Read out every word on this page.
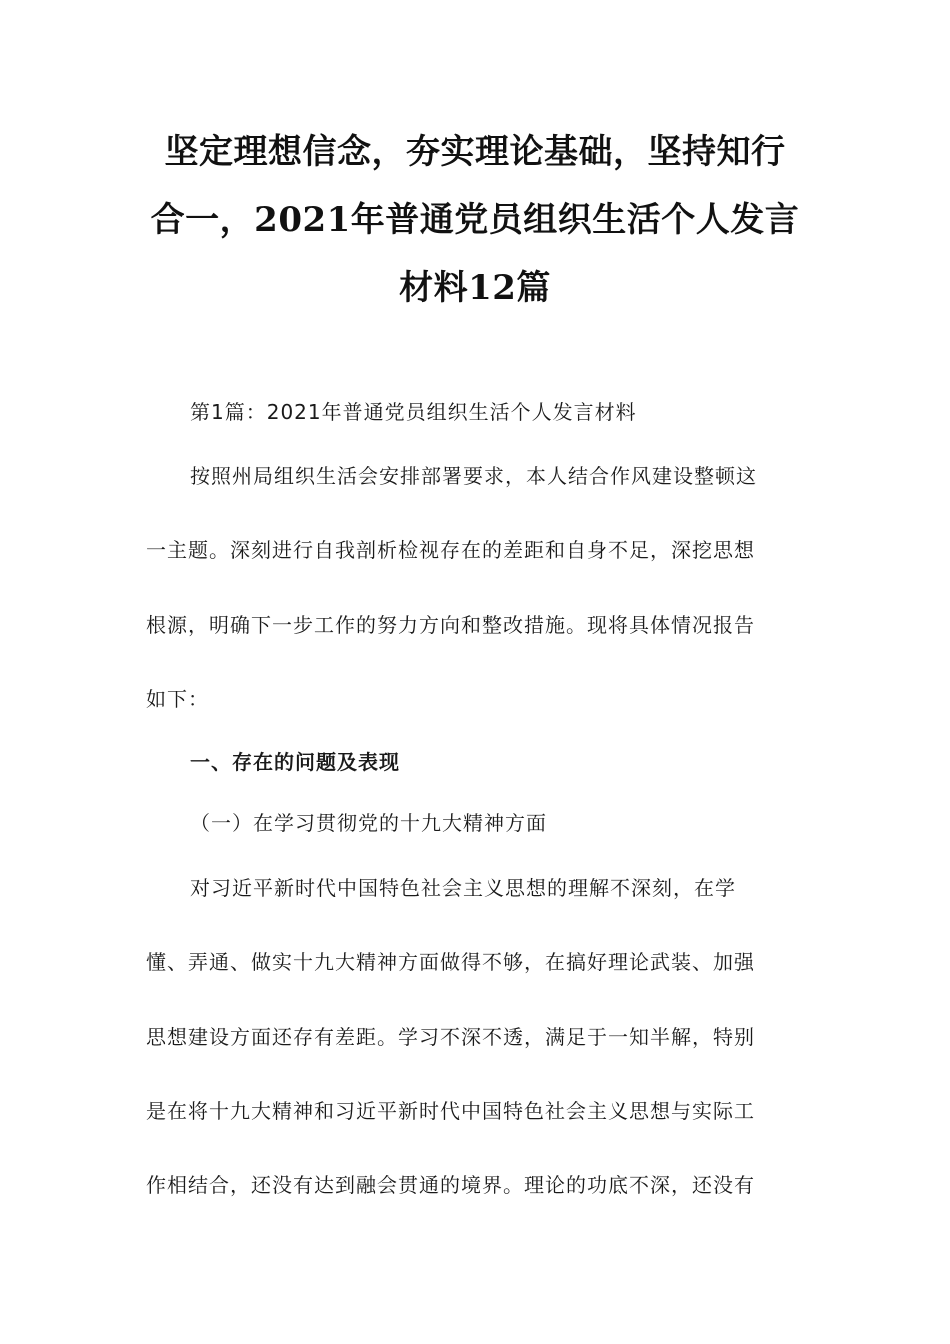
坚定理想信念，夯实理论基础，坚持知行
合一，2021年普通党员组织生活个人发言
材料12篇
第1篇：2021年普通党员组织生活个人发言材料
按照州局组织生活会安排部署要求，本人结合作风建设整顿这
一主题。深刻进行自我剖析检视存在的差距和自身不足，深挖思想
根源，明确下一步工作的努力方向和整改措施。现将具体情况报告
如下：
一、存在的问题及表现
（一）在学习贯彻党的十九大精神方面
对习近平新时代中国特色社会主义思想的理解不深刻，在学
懂、弄通、做实十九大精神方面做得不够，在搞好理论武装、加强
思想建设方面还存有差距。学习不深不透，满足于一知半解，特别
是在将十九大精神和习近平新时代中国特色社会主义思想与实际工
作相结合，还没有达到融会贯通的境界。理论的功底不深，还没有
